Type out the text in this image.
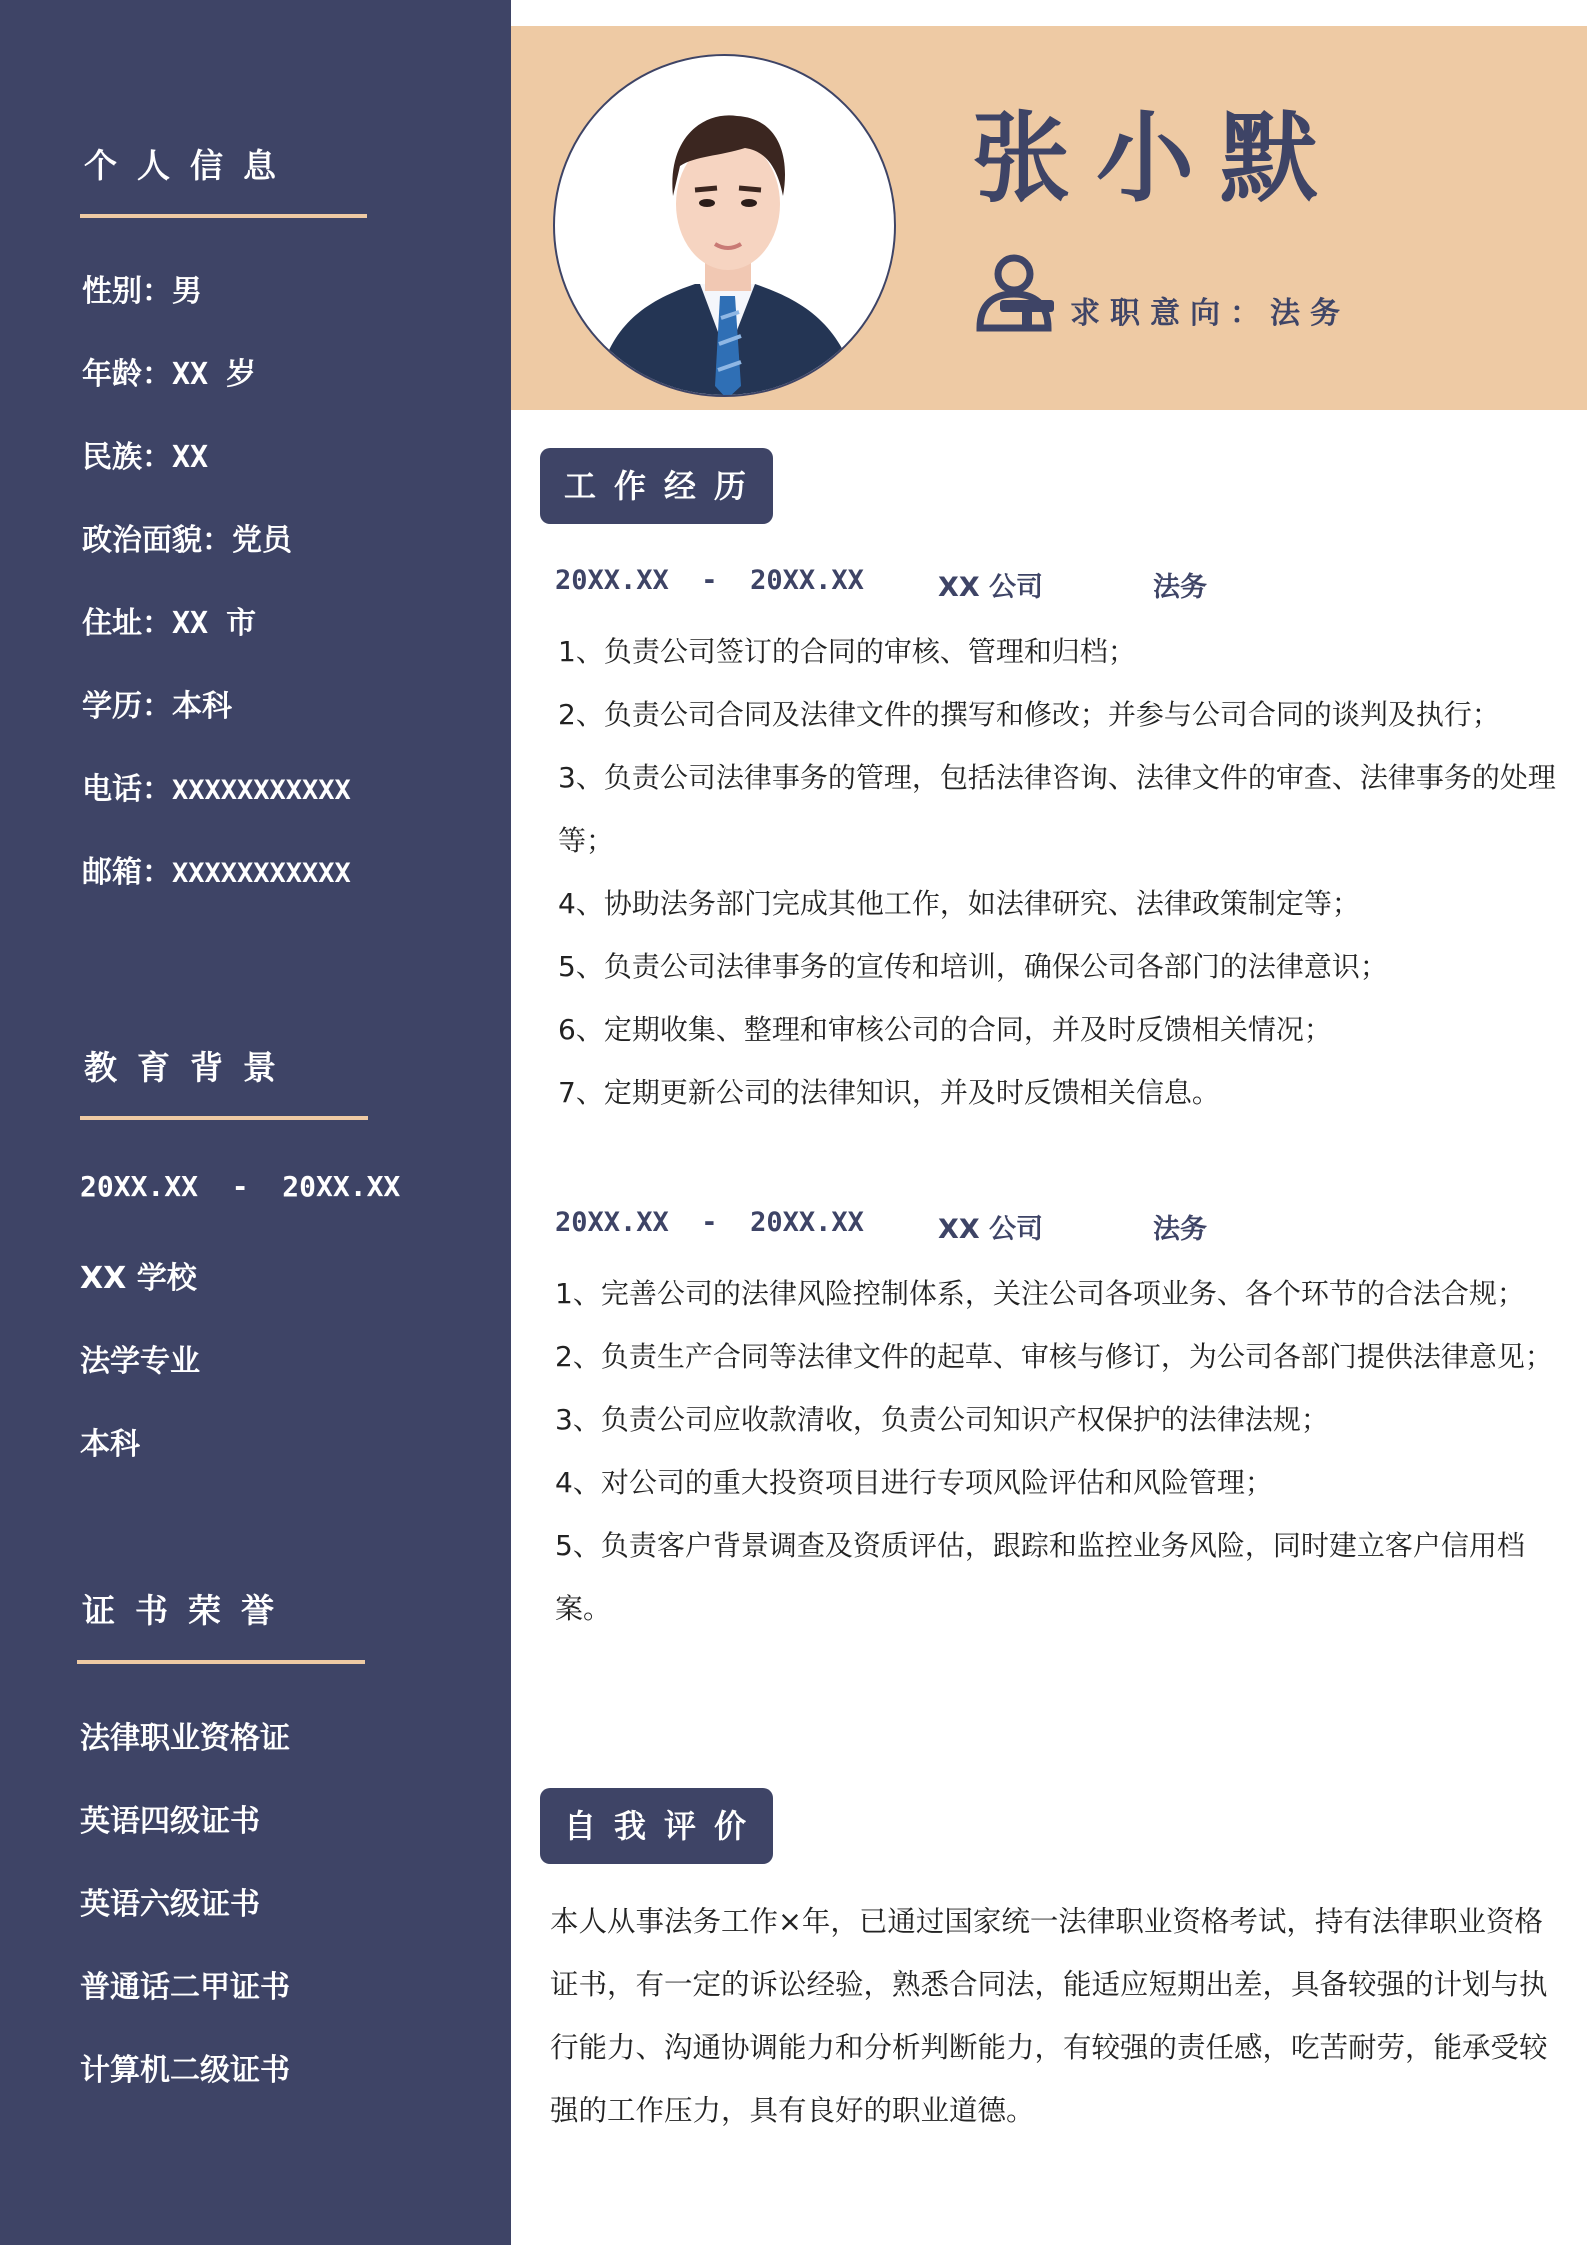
个人信息
性别：男
年龄：XX 岁
民族：XX
政治面貌：党员
住址：XX 市
学历：本科
电话：XXXXXXXXXXX
邮箱：XXXXXXXXXXX
教育背景
20XX.XX  -  20XX.XX
XX 学校
法学专业
本科
证书荣誉
法律职业资格证
英语四级证书
英语六级证书
普通话二甲证书
计算机二级证书
张小默
求职意向：法务
工作经历
20XX.XX  -  20XX.XX	XX 公司	法务
1、负责公司签订的合同的审核、管理和归档；
2、负责公司合同及法律文件的撰写和修改；并参与公司合同的谈判及执行；
3、负责公司法律事务的管理，包括法律咨询、法律文件的审查、法律事务的处理等；
4、协助法务部门完成其他工作，如法律研究、法律政策制定等；
5、负责公司法律事务的宣传和培训，确保公司各部门的法律意识；
6、定期收集、整理和审核公司的合同，并及时反馈相关情况；
7、定期更新公司的法律知识，并及时反馈相关信息。
20XX.XX  -  20XX.XX	XX 公司	法务
1、完善公司的法律风险控制体系，关注公司各项业务、各个环节的合法合规；
2、负责生产合同等法律文件的起草、审核与修订，为公司各部门提供法律意见；
3、负责公司应收款清收，负责公司知识产权保护的法律法规；
4、对公司的重大投资项目进行专项风险评估和风险管理；
5、负责客户背景调查及资质评估，跟踪和监控业务风险，同时建立客户信用档案。
自我评价

本人从事法务工作×年，已通过国家统一法律职业资格考试，持有法律职业资格证书，有一定的诉讼经验，熟悉合同法，能适应短期出差，具备较强的计划与执行能力、沟通协调能力和分析判断能力，有较强的责任感，吃苦耐劳，能承受较强的工作压力，具有良好的职业道德。
